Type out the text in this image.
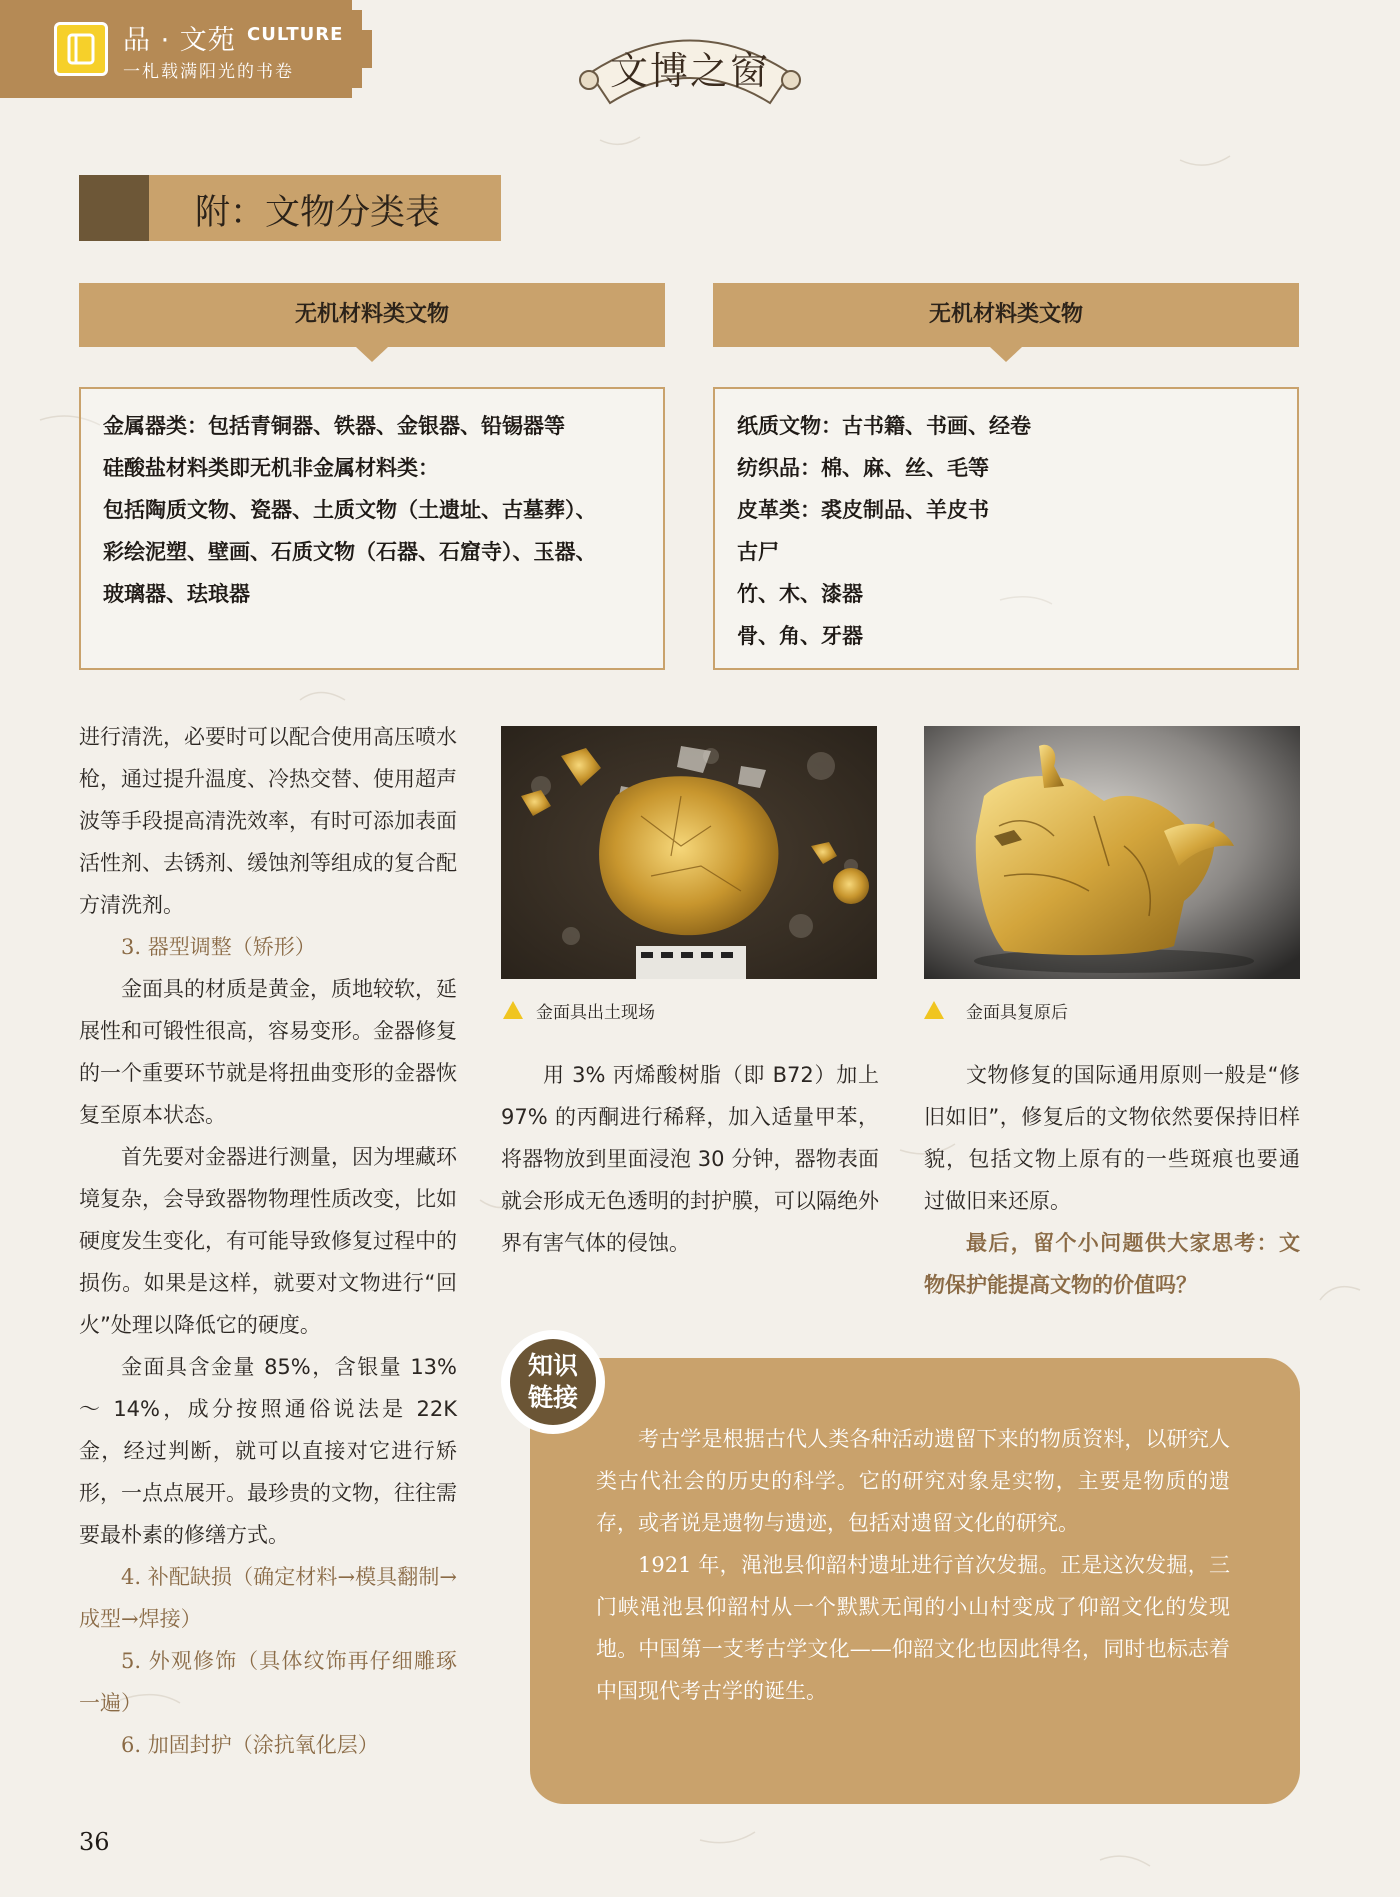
品 · 文苑 CULTURE
一札载满阳光的书卷	文博之窗
附：文物分类表
无机材料类文物
金属器类：包括青铜器、铁器、金银器、铅锡器等
硅酸盐材料类即无机非金属材料类：
包括陶质文物、瓷器、土质文物（土遗址、古墓葬）、
彩绘泥塑、壁画、石质文物（石器、石窟寺）、玉器、
玻璃器、珐琅器
无机材料类文物
纸质文物：古书籍、书画、经卷
纺织品：棉、麻、丝、毛等
皮革类：裘皮制品、羊皮书
古尸
竹、木、漆器
骨、角、牙器

进行清洗，必要时可以配合使用高压喷水枪，通过提升温度、冷热交替、使用超声波等手段提高清洗效率，有时可添加表面活性剂、去锈剂、缓蚀剂等组成的复合配方清洗剂。

3. 器型调整（矫形）

金面具的材质是黄金，质地较软，延展性和可锻性很高，容易变形。金器修复的一个重要环节就是将扭曲变形的金器恢复至原本状态。

首先要对金器进行测量，因为埋藏环境复杂，会导致器物物理性质改变，比如硬度发生变化，有可能导致修复过程中的损伤。如果是这样，就要对文物进行“回火”处理以降低它的硬度。

金面具含金量 85%，含银量 13% ～ 14%，成分按照通俗说法是 22K 金，经过判断，就可以直接对它进行矫形，一点点展开。最珍贵的文物，往往需要最朴素的修缮方式。

4. 补配缺损（确定材料→模具翻制→成型→焊接）

5. 外观修饰（具体纹饰再仔细雕琢一遍）

6. 加固封护（涂抗氧化层）

金面具出土现场	金面具复原后

用 3% 丙烯酸树脂（即 B72）加上 97% 的丙酮进行稀释，加入适量甲苯，将器物放到里面浸泡 30 分钟，器物表面就会形成无色透明的封护膜，可以隔绝外界有害气体的侵蚀。

文物修复的国际通用原则一般是“修旧如旧”，修复后的文物依然要保持旧样貌，包括文物上原有的一些斑痕也要通过做旧来还原。

最后，留个小问题供大家思考：文物保护能提高文物的价值吗？

考古学是根据古代人类各种活动遗留下来的物质资料，以研究人类古代社会的历史的科学。它的研究对象是实物，主要是物质的遗存，或者说是遗物与遗迹，包括对遗留文化的研究。

1921 年，渑池县仰韶村遗址进行首次发掘。正是这次发掘，三门峡渑池县仰韶村从一个默默无闻的小山村变成了仰韶文化的发现地。中国第一支考古学文化——仰韶文化也因此得名，同时也标志着中国现代考古学的诞生。

知识
链接
36
